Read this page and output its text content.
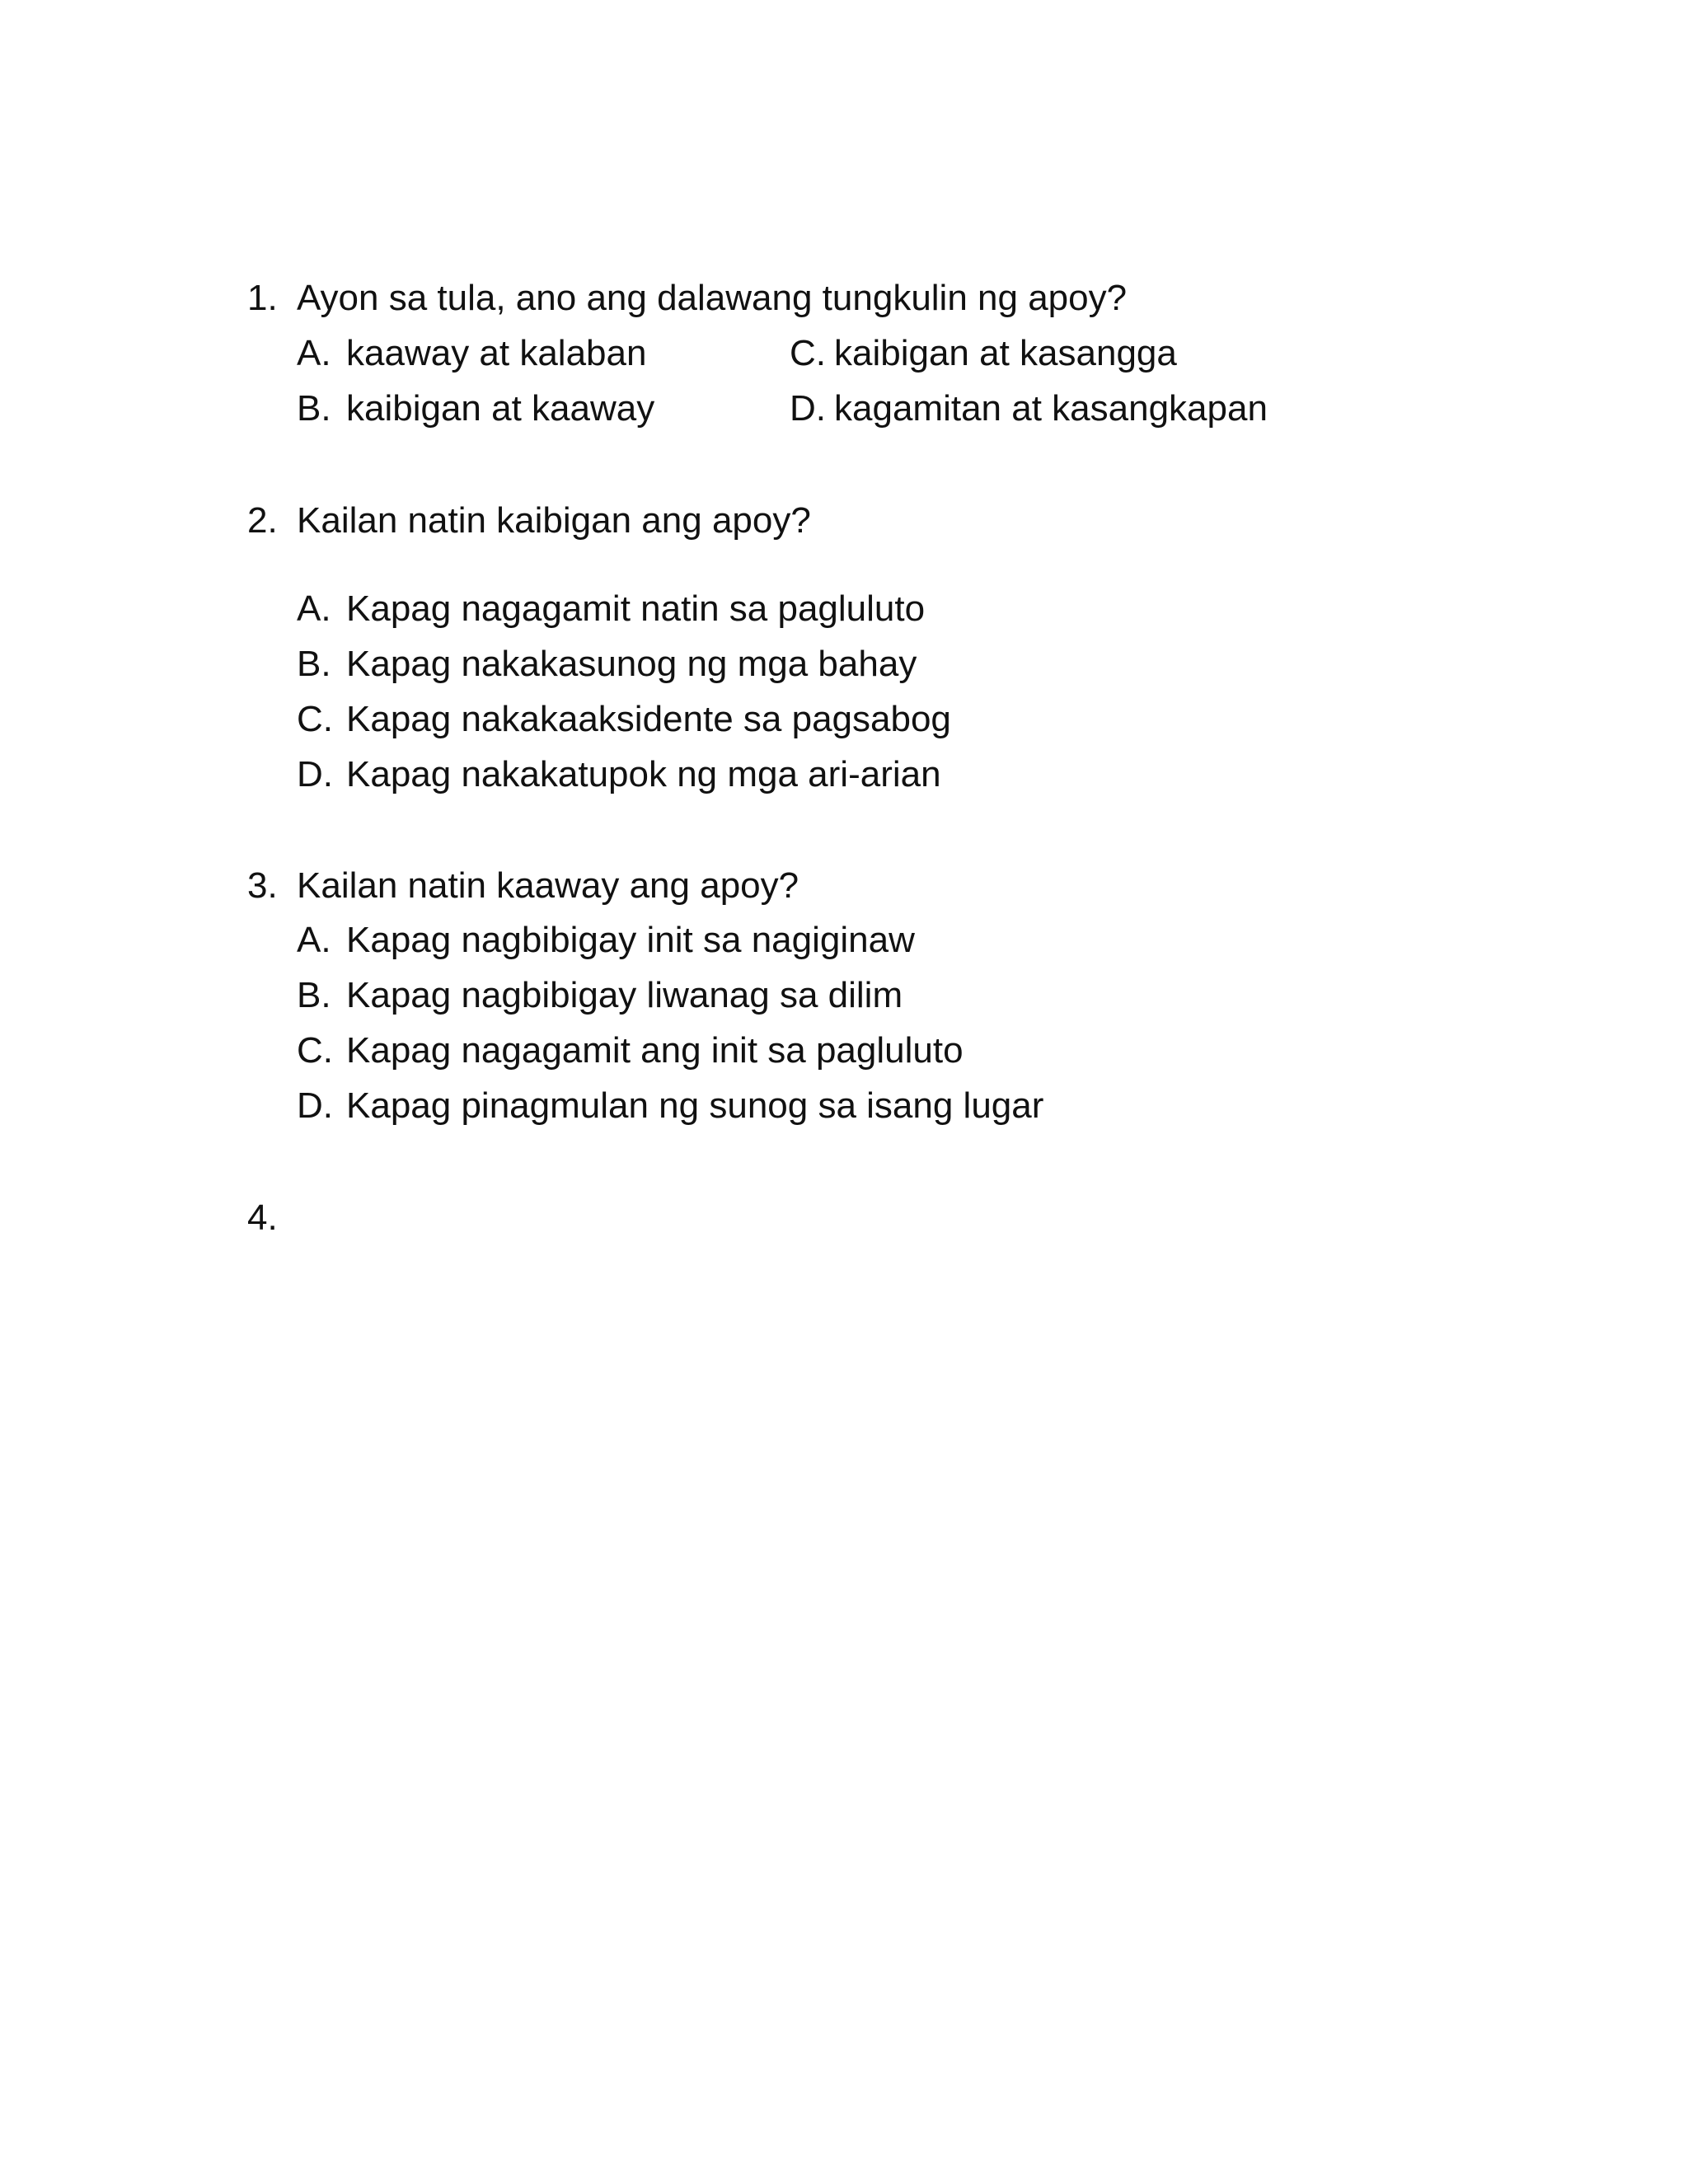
1. Ayon sa tula, ano ang dalawang tungkulin ng apoy?
A. kaaway at kalaban	C. kaibigan at kasangga
B. kaibigan at kaaway	D. kagamitan at kasangkapan
2. Kailan natin kaibigan ang apoy?
A. Kapag nagagamit natin sa pagluluto
B. Kapag nakakasunog ng mga bahay
C. Kapag nakakaaksidente sa pagsabog
D. Kapag nakakatupok ng mga ari-arian
3. Kailan natin kaaway ang apoy?
A. Kapag nagbibigay init sa nagiginaw
B. Kapag nagbibigay liwanag sa dilim
C. Kapag nagagamit ang init sa pagluluto
D. Kapag pinagmulan ng sunog sa isang lugar
4.
